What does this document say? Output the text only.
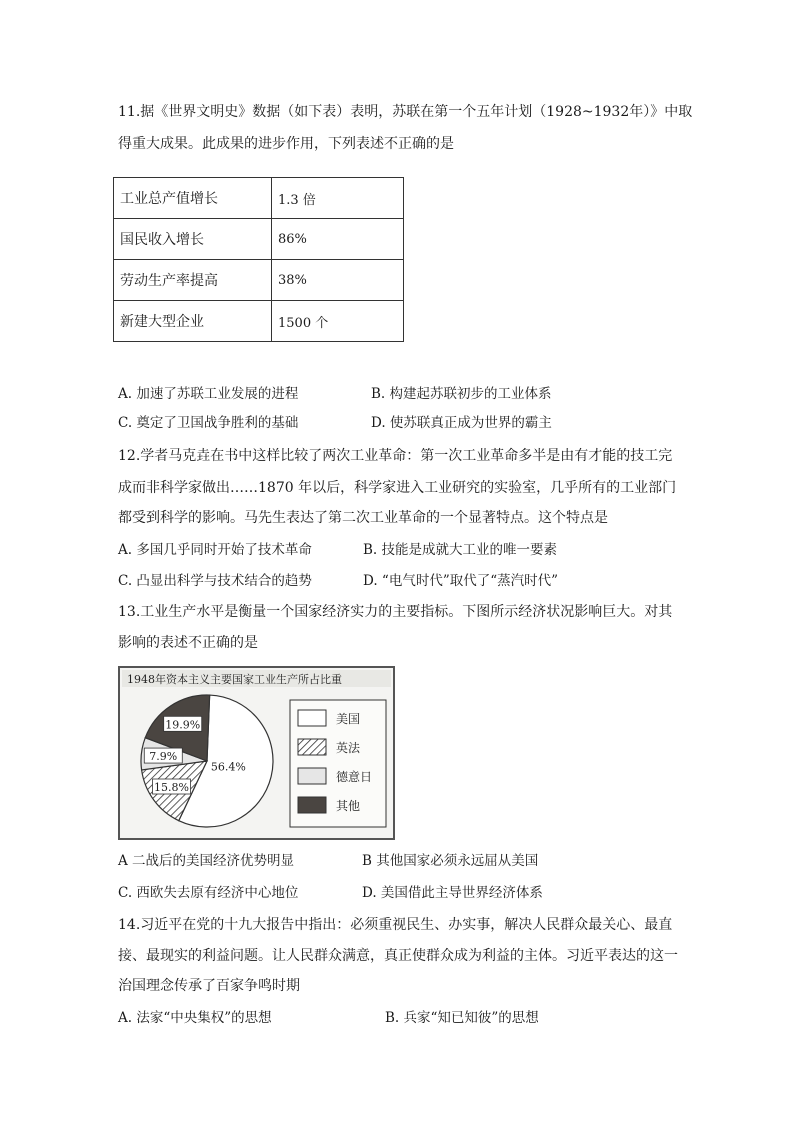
11.据《世界文明史》数据（如下表）表明，苏联在第一个五年计划（1928~1932年）》中取
得重大成果。此成果的进步作用，下列表述不正确的是
工业总产值增长	1.3 倍
国民收入增长	86%
劳动生产率提高	38%
新建大型企业	1500 个
A. 加速了苏联工业发展的进程	B. 构建起苏联初步的工业体系
C. 奠定了卫国战争胜利的基础	D. 使苏联真正成为世界的霸主
12.学者马克垚在书中这样比较了两次工业革命：第一次工业革命多半是由有才能的技工完
成而非科学家做出……1870 年以后，科学家进入工业研究的实验室，几乎所有的工业部门
都受到科学的影响。马先生表达了第二次工业革命的一个显著特点。这个特点是
A. 多国几乎同时开始了技术革命	B. 技能是成就大工业的唯一要素
C. 凸显出科学与技术结合的趋势	D. “电气时代”取代了“蒸汽时代”
13.工业生产水平是衡量一个国家经济实力的主要指标。下图所示经济状况影响巨大。对其
影响的表述不正确的是
1948年资本主义主要国家工业生产所占比重
56.4%
15.8%
7.9%
19.9%	美国
英法
德意日
其他
A 二战后的美国经济优势明显	B 其他国家必须永远屈从美国
C. 西欧失去原有经济中心地位	D. 美国借此主导世界经济体系
14.习近平在党的十九大报告中指出：必须重视民生、办实事，解决人民群众最关心、最直
接、最现实的利益问题。让人民群众满意，真正使群众成为利益的主体。习近平表达的这一
治国理念传承了百家争鸣时期
A. 法家“中央集权”的思想	B. 兵家“知已知彼”的思想
